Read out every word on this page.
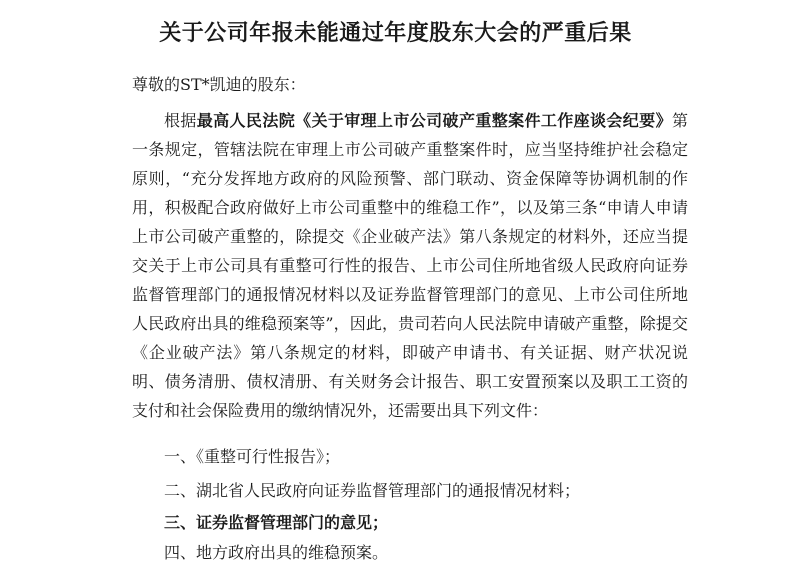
关于公司年报未能通过年度股东大会的严重后果
尊敬的ST*凯迪的股东：
根据最高人民法院《关于审理上市公司破产重整案件工作座谈会纪要》第一条规定，管辖法院在审理上市公司破产重整案件时，应当坚持维护社会稳定原则，“充分发挥地方政府的风险预警、部门联动、资金保障等协调机制的作用，积极配合政府做好上市公司重整中的维稳工作”，以及第三条“申请人申请上市公司破产重整的，除提交《企业破产法》第八条规定的材料外，还应当提交关于上市公司具有重整可行性的报告、上市公司住所地省级人民政府向证券监督管理部门的通报情况材料以及证券监督管理部门的意见、上市公司住所地人民政府出具的维稳预案等”，因此，贵司若向人民法院申请破产重整，除提交《企业破产法》第八条规定的材料，即破产申请书、有关证据、财产状况说明、债务清册、债权清册、有关财务会计报告、职工安置预案以及职工工资的支付和社会保险费用的缴纳情况外，还需要出具下列文件：
一、《重整可行性报告》；
二、湖北省人民政府向证券监督管理部门的通报情况材料；
三、证券监督管理部门的意见；
四、地方政府出具的维稳预案。
